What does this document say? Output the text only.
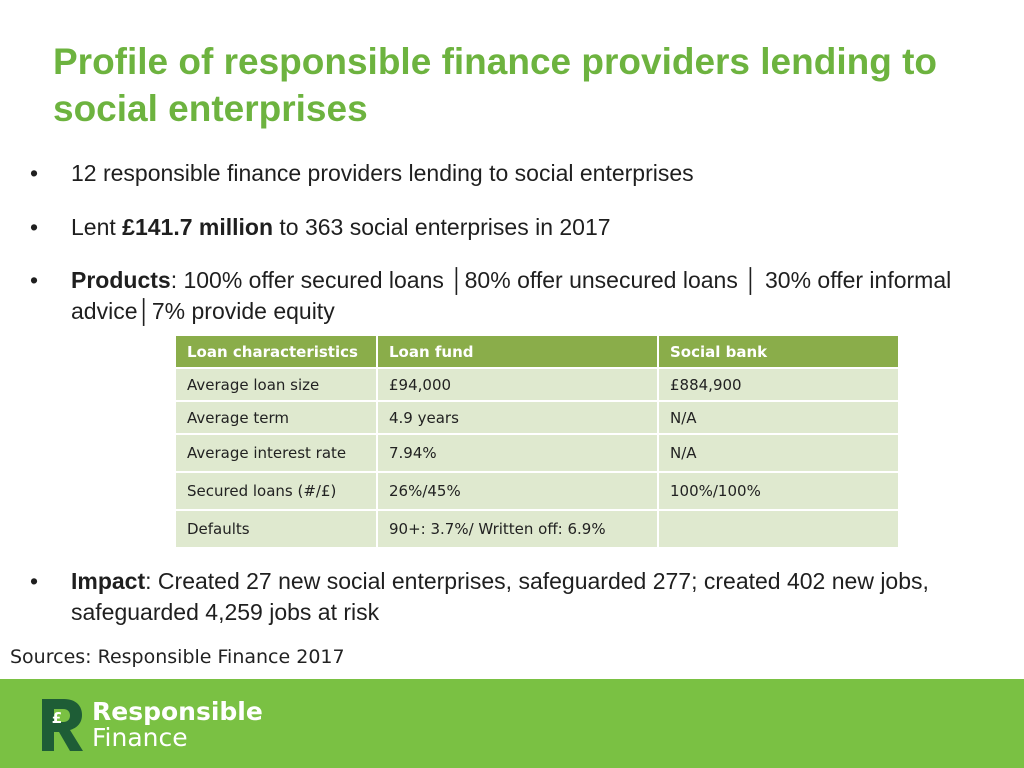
Profile of responsible finance providers lending to social enterprises
• 12 responsible finance providers lending to social enterprises
• Lent £141.7 million to 363 social enterprises in 2017
• Products: 100% offer secured loans │80% offer unsecured loans │ 30% offer informal advice│7% provide equity
Loan characteristics	Loan fund	Social bank
Average loan size	£94,000	£884,900
Average term	4.9 years	N/A
Average interest rate	7.94%	N/A
Secured loans (#/£)	26%/45%	100%/100%
Defaults	90+: 3.7%/ Written off: 6.9%	
• Impact: Created 27 new social enterprises, safeguarded 277; created 402 new jobs, safeguarded 4,259 jobs at risk
Sources: Responsible Finance 2017
£ Responsible
Finance
